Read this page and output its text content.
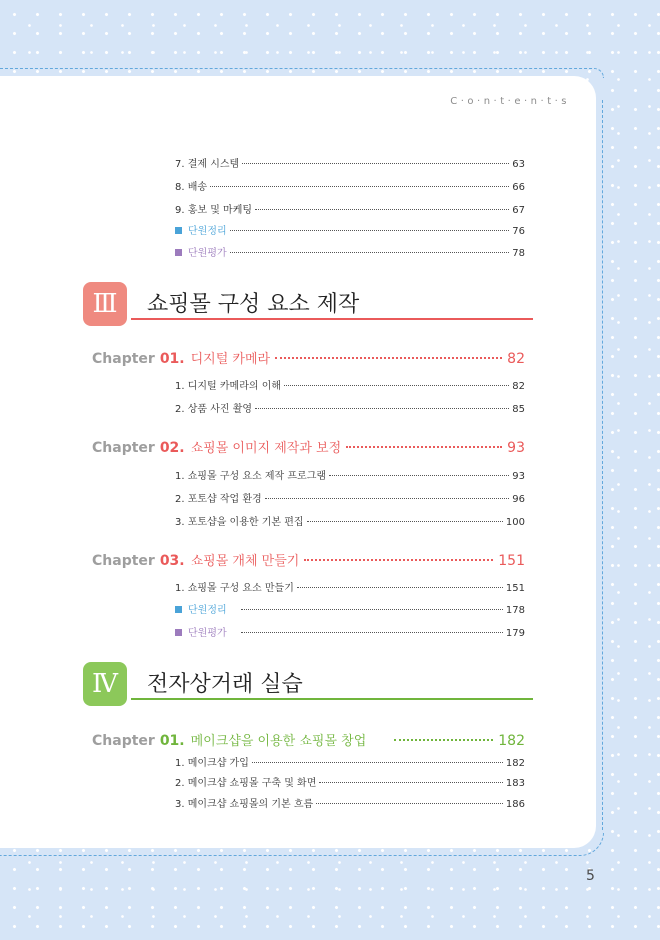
C·o·n·t·e·n·t·s
7. 결제 시스템	63
8. 배송	66
9. 홍보 및 마케팅	67
단원정리	76
단원평가	78
Ⅲ	쇼핑몰 구성 요소 제작
Chapter 01. 디지털 카메라	82
1. 디지털 카메라의 이해	82
2. 상품 사진 촬영	85
Chapter 02. 쇼핑몰 이미지 제작과 보정	93
1. 쇼핑몰 구성 요소 제작 프로그램	93
2. 포토샵 작업 환경	96
3. 포토샵을 이용한 기본 편집	100
Chapter 03. 쇼핑몰 개체 만들기	151
1. 쇼핑몰 구성 요소 만들기	151
단원정리	178
단원평가	179
Ⅳ	전자상거래 실습
Chapter 01. 메이크샵을 이용한 쇼핑몰 창업	182
1. 메이크샵 가입	182
2. 메이크샵 쇼핑몰 구축 및 화면	183
3. 메이크샵 쇼핑몰의 기본 흐름	186
5
